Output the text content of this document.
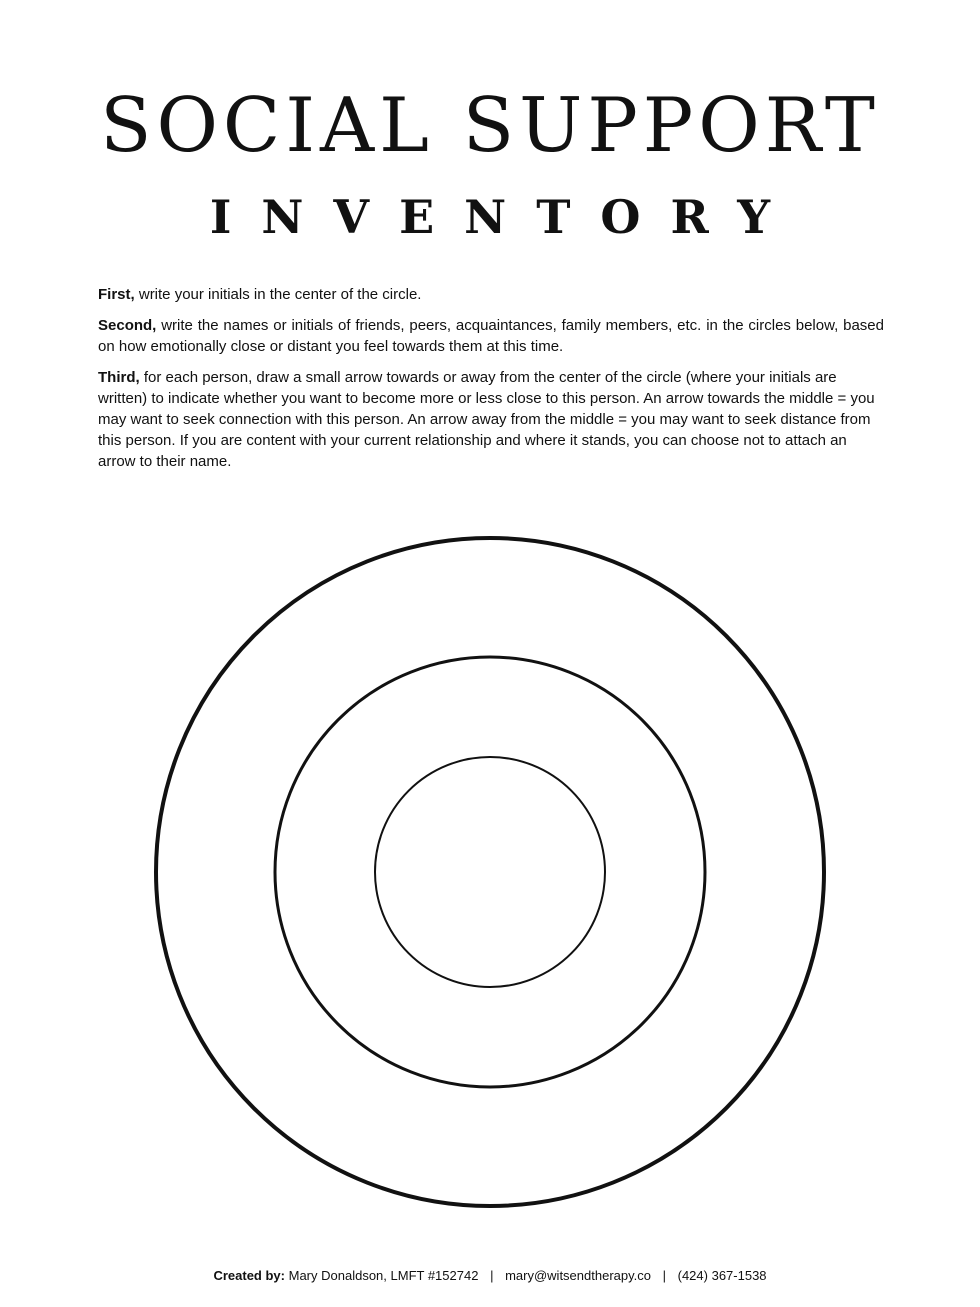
SOCIAL SUPPORT
INVENTORY

First, write your initials in the center of the circle.

Second, write the names or initials of friends, peers, acquaintances, family members, etc. in the circles below, based on how emotionally close or distant you feel towards them at this time.

Third, for each person, draw a small arrow towards or away from the center of the circle (where your initials are written) to indicate whether you want to become more or less close to this person. An arrow towards the middle = you may want to seek connection with this person. An arrow away from the middle = you may want to seek distance from this person. If you are content with your current relationship and where it stands, you can choose not to attach an arrow to their name.

Created by: Mary Donaldson, LMFT #152742 | mary@witsendtherapy.co | (424) 367-1538
